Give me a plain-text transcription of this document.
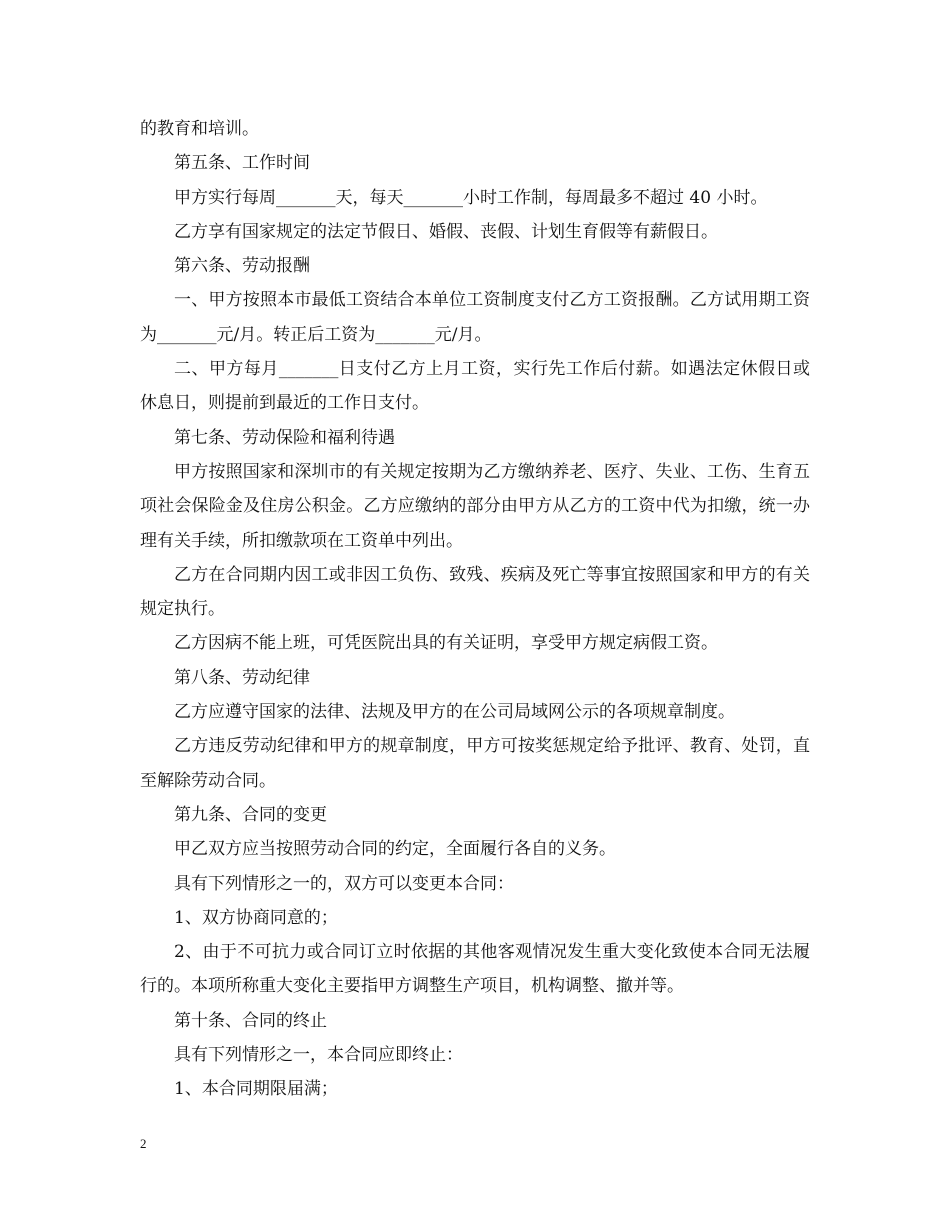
的教育和培训。

第五条、工作时间

甲方实行每周_______天，每天_______小时工作制，每周最多不超过 40 小时。

乙方享有国家规定的法定节假日、婚假、丧假、计划生育假等有薪假日。

第六条、劳动报酬

一、甲方按照本市最低工资结合本单位工资制度支付乙方工资报酬。乙方试用期工资为_______元/月。转正后工资为_______元/月。

二、甲方每月_______日支付乙方上月工资，实行先工作后付薪。如遇法定休假日或休息日，则提前到最近的工作日支付。

第七条、劳动保险和福利待遇

甲方按照国家和深圳市的有关规定按期为乙方缴纳养老、医疗、失业、工伤、生育五项社会保险金及住房公积金。乙方应缴纳的部分由甲方从乙方的工资中代为扣缴，统一办理有关手续，所扣缴款项在工资单中列出。

乙方在合同期内因工或非因工负伤、致残、疾病及死亡等事宜按照国家和甲方的有关规定执行。

乙方因病不能上班，可凭医院出具的有关证明，享受甲方规定病假工资。

第八条、劳动纪律

乙方应遵守国家的法律、法规及甲方的在公司局域网公示的各项规章制度。

乙方违反劳动纪律和甲方的规章制度，甲方可按奖惩规定给予批评、教育、处罚，直至解除劳动合同。

第九条、合同的变更

甲乙双方应当按照劳动合同的约定，全面履行各自的义务。

具有下列情形之一的，双方可以变更本合同：

1、双方协商同意的；

2、由于不可抗力或合同订立时依据的其他客观情况发生重大变化致使本合同无法履行的。本项所称重大变化主要指甲方调整生产项目，机构调整、撤并等。

第十条、合同的终止

具有下列情形之一，本合同应即终止：

1、本合同期限届满；

2
